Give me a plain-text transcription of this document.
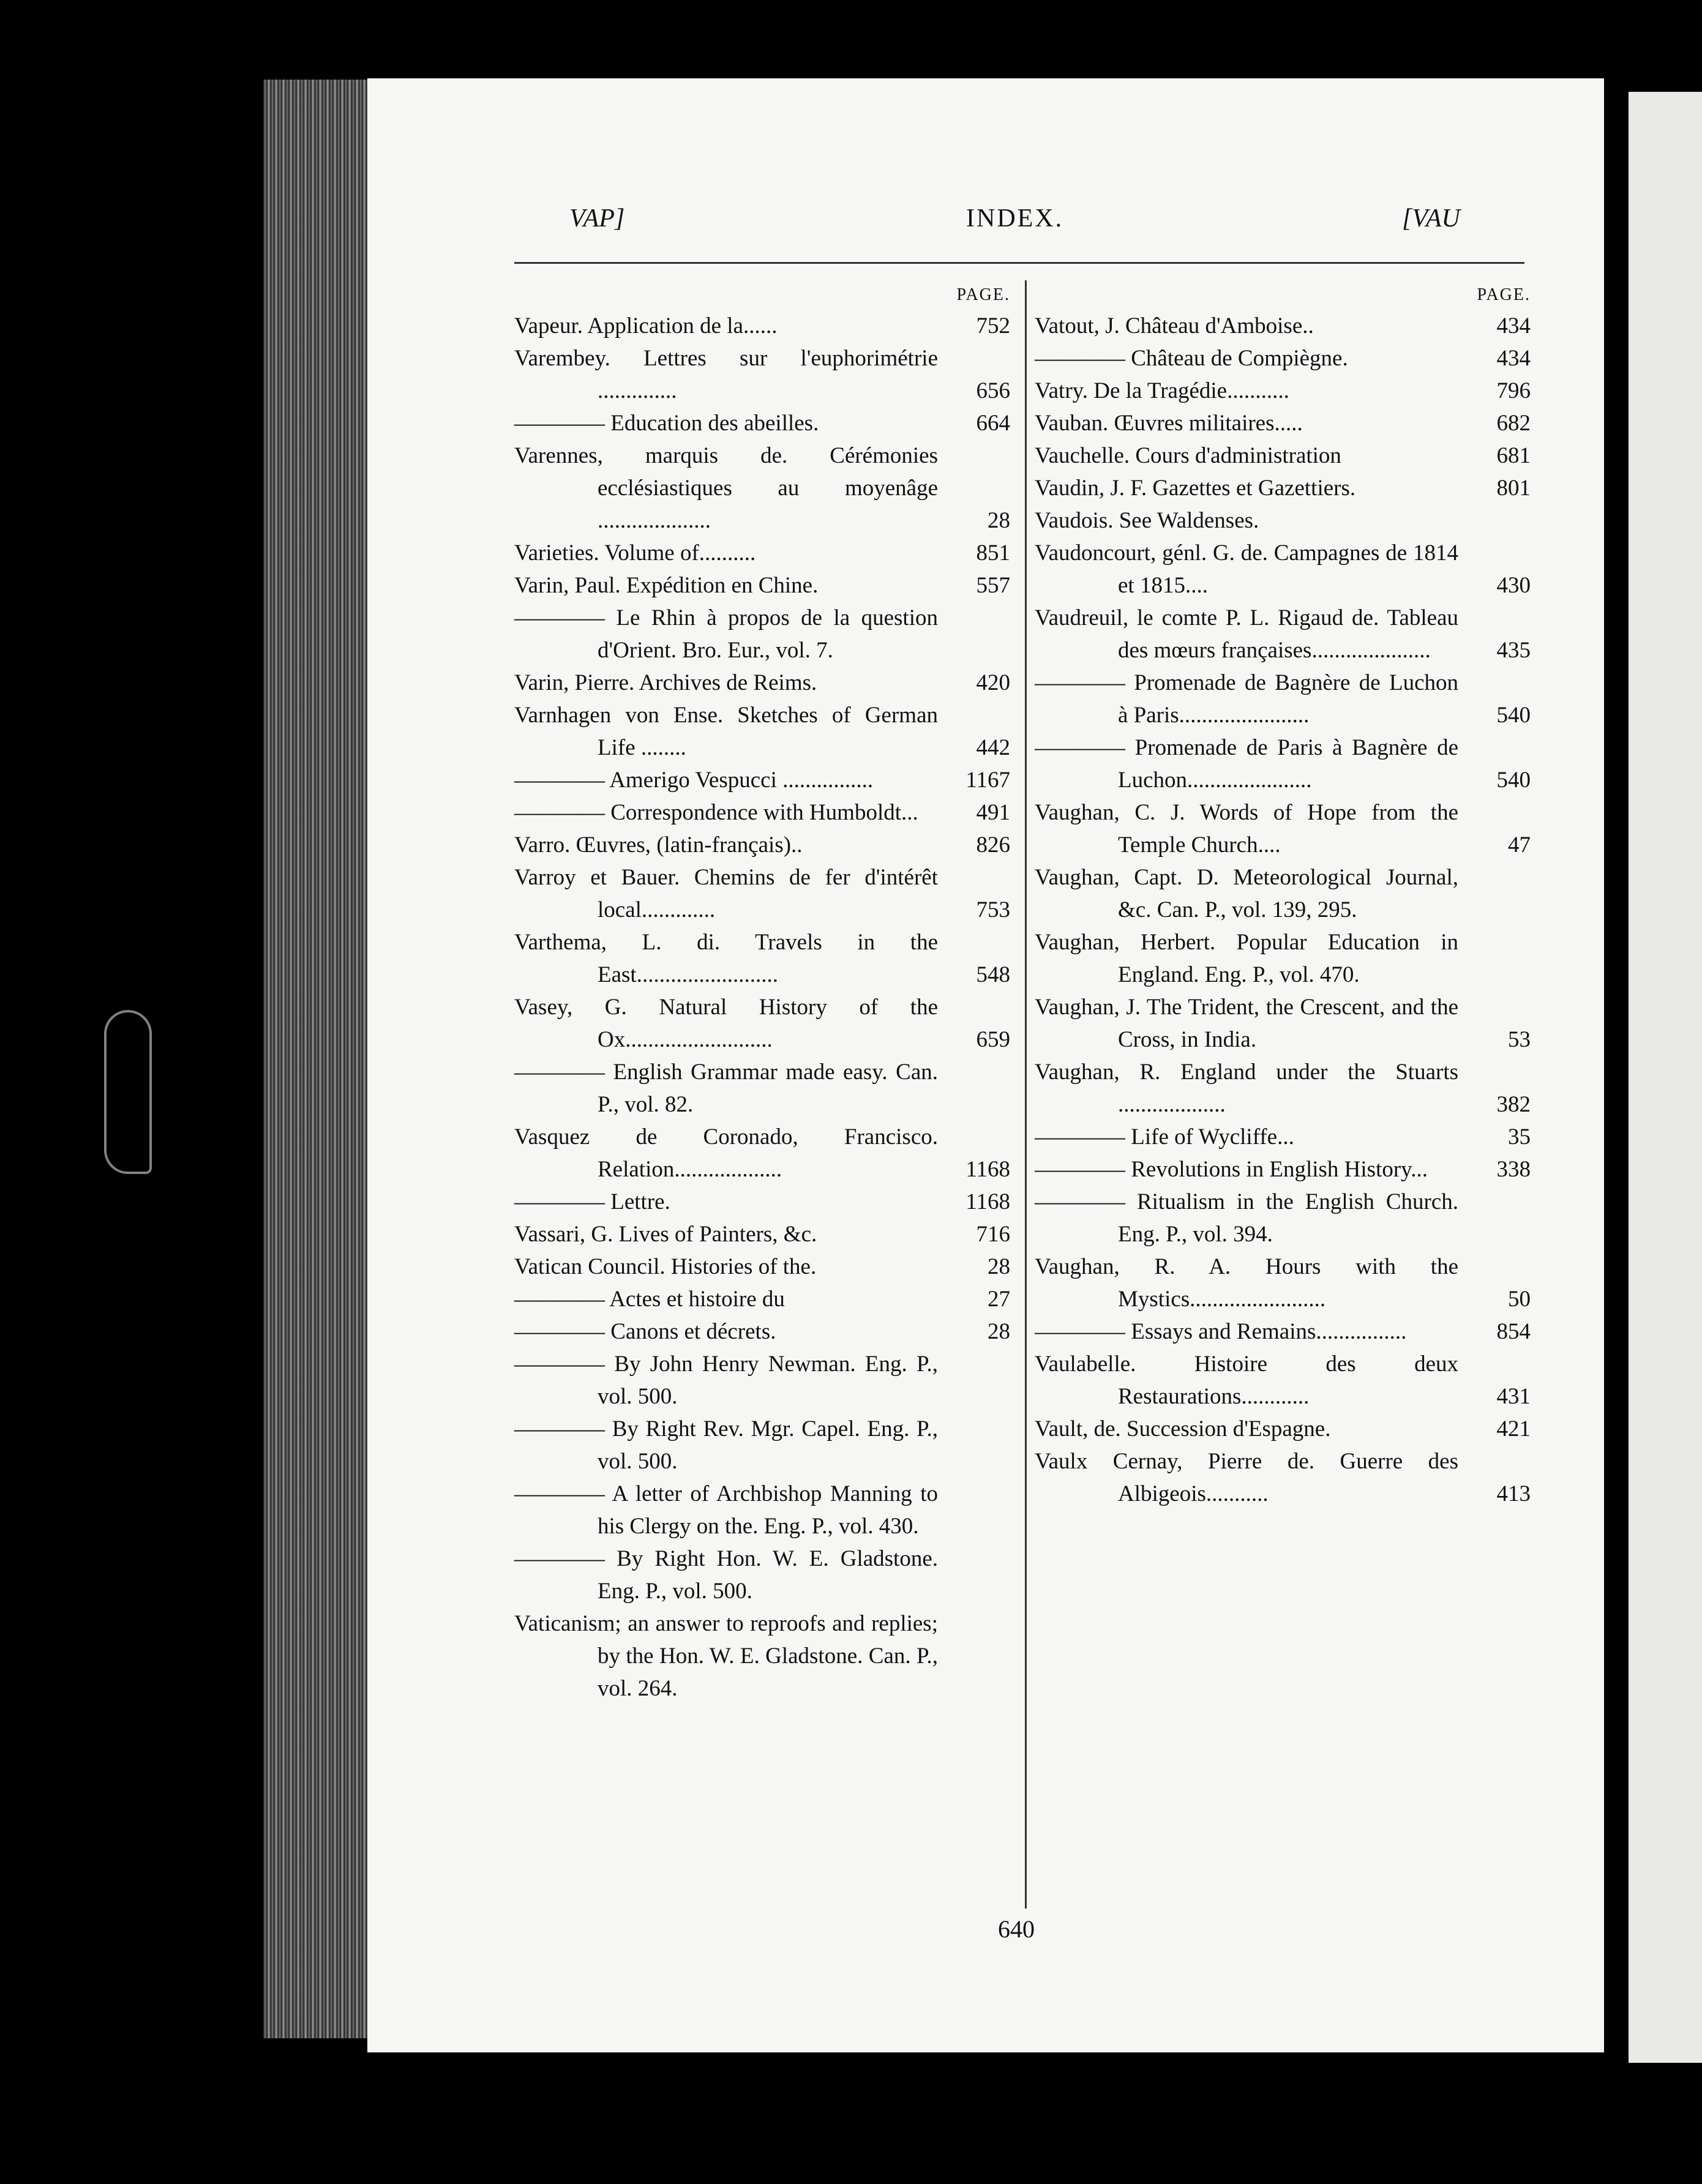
VAP]	INDEX.	[VAU
PAGE.
Vapeur. Application de la......	752
Varembey. Lettres sur l'euphorimétrie ..............	656
———— Education des abeilles.	664
Varennes, marquis de. Cérémonies ecclésiastiques au moyenâge ....................	28
Varieties. Volume of..........	851
Varin, Paul. Expédition en Chine.	557
———— Le Rhin à propos de la question d'Orient. Bro. Eur., vol. 7.
Varin, Pierre. Archives de Reims.	420
Varnhagen von Ense. Sketches of German Life ........	442
———— Amerigo Vespucci ................	1167
———— Correspondence with Humboldt...	491
Varro. Œuvres, (latin-français)..	826
Varroy et Bauer. Chemins de fer d'intérêt local.............	753
Varthema, L. di. Travels in the East.........................	548
Vasey, G. Natural History of the Ox..........................	659
———— English Grammar made easy. Can. P., vol. 82.
Vasquez de Coronado, Francisco. Relation...................	1168
———— Lettre.	1168
Vassari, G. Lives of Painters, &c.	716
Vatican Council. Histories of the.	28
———— Actes et histoire du	27
———— Canons et décrets.	28
———— By John Henry Newman. Eng. P., vol. 500.
———— By Right Rev. Mgr. Capel. Eng. P., vol. 500.
———— A letter of Archbishop Manning to his Clergy on the. Eng. P., vol. 430.
———— By Right Hon. W. E. Gladstone. Eng. P., vol. 500.
Vaticanism; an answer to reproofs and replies; by the Hon. W. E. Gladstone. Can. P., vol. 264.
PAGE.
Vatout, J. Château d'Amboise..	434
———— Château de Compiègne.	434
Vatry. De la Tragédie...........	796
Vauban. Œuvres militaires.....	682
Vauchelle. Cours d'administration	681
Vaudin, J. F. Gazettes et Gazettiers.	801
Vaudois. See Waldenses.
Vaudoncourt, génl. G. de. Campagnes de 1814 et 1815....	430
Vaudreuil, le comte P. L. Rigaud de. Tableau des mœurs françaises.....................	435
———— Promenade de Bagnère de Luchon à Paris.......................	540
———— Promenade de Paris à Bagnère de Luchon......................	540
Vaughan, C. J. Words of Hope from the Temple Church....	47
Vaughan, Capt. D. Meteorological Journal, &c. Can. P., vol. 139, 295.
Vaughan, Herbert. Popular Education in England. Eng. P., vol. 470.
Vaughan, J. The Trident, the Crescent, and the Cross, in India.	53
Vaughan, R. England under the Stuarts ...................	382
———— Life of Wycliffe...	35
———— Revolutions in English History...	338
———— Ritualism in the English Church. Eng. P., vol. 394.
Vaughan, R. A. Hours with the Mystics........................	50
———— Essays and Remains................	854
Vaulabelle. Histoire des deux Restaurations............	431
Vault, de. Succession d'Espagne.	421
Vaulx Cernay, Pierre de. Guerre des Albigeois...........	413
640
